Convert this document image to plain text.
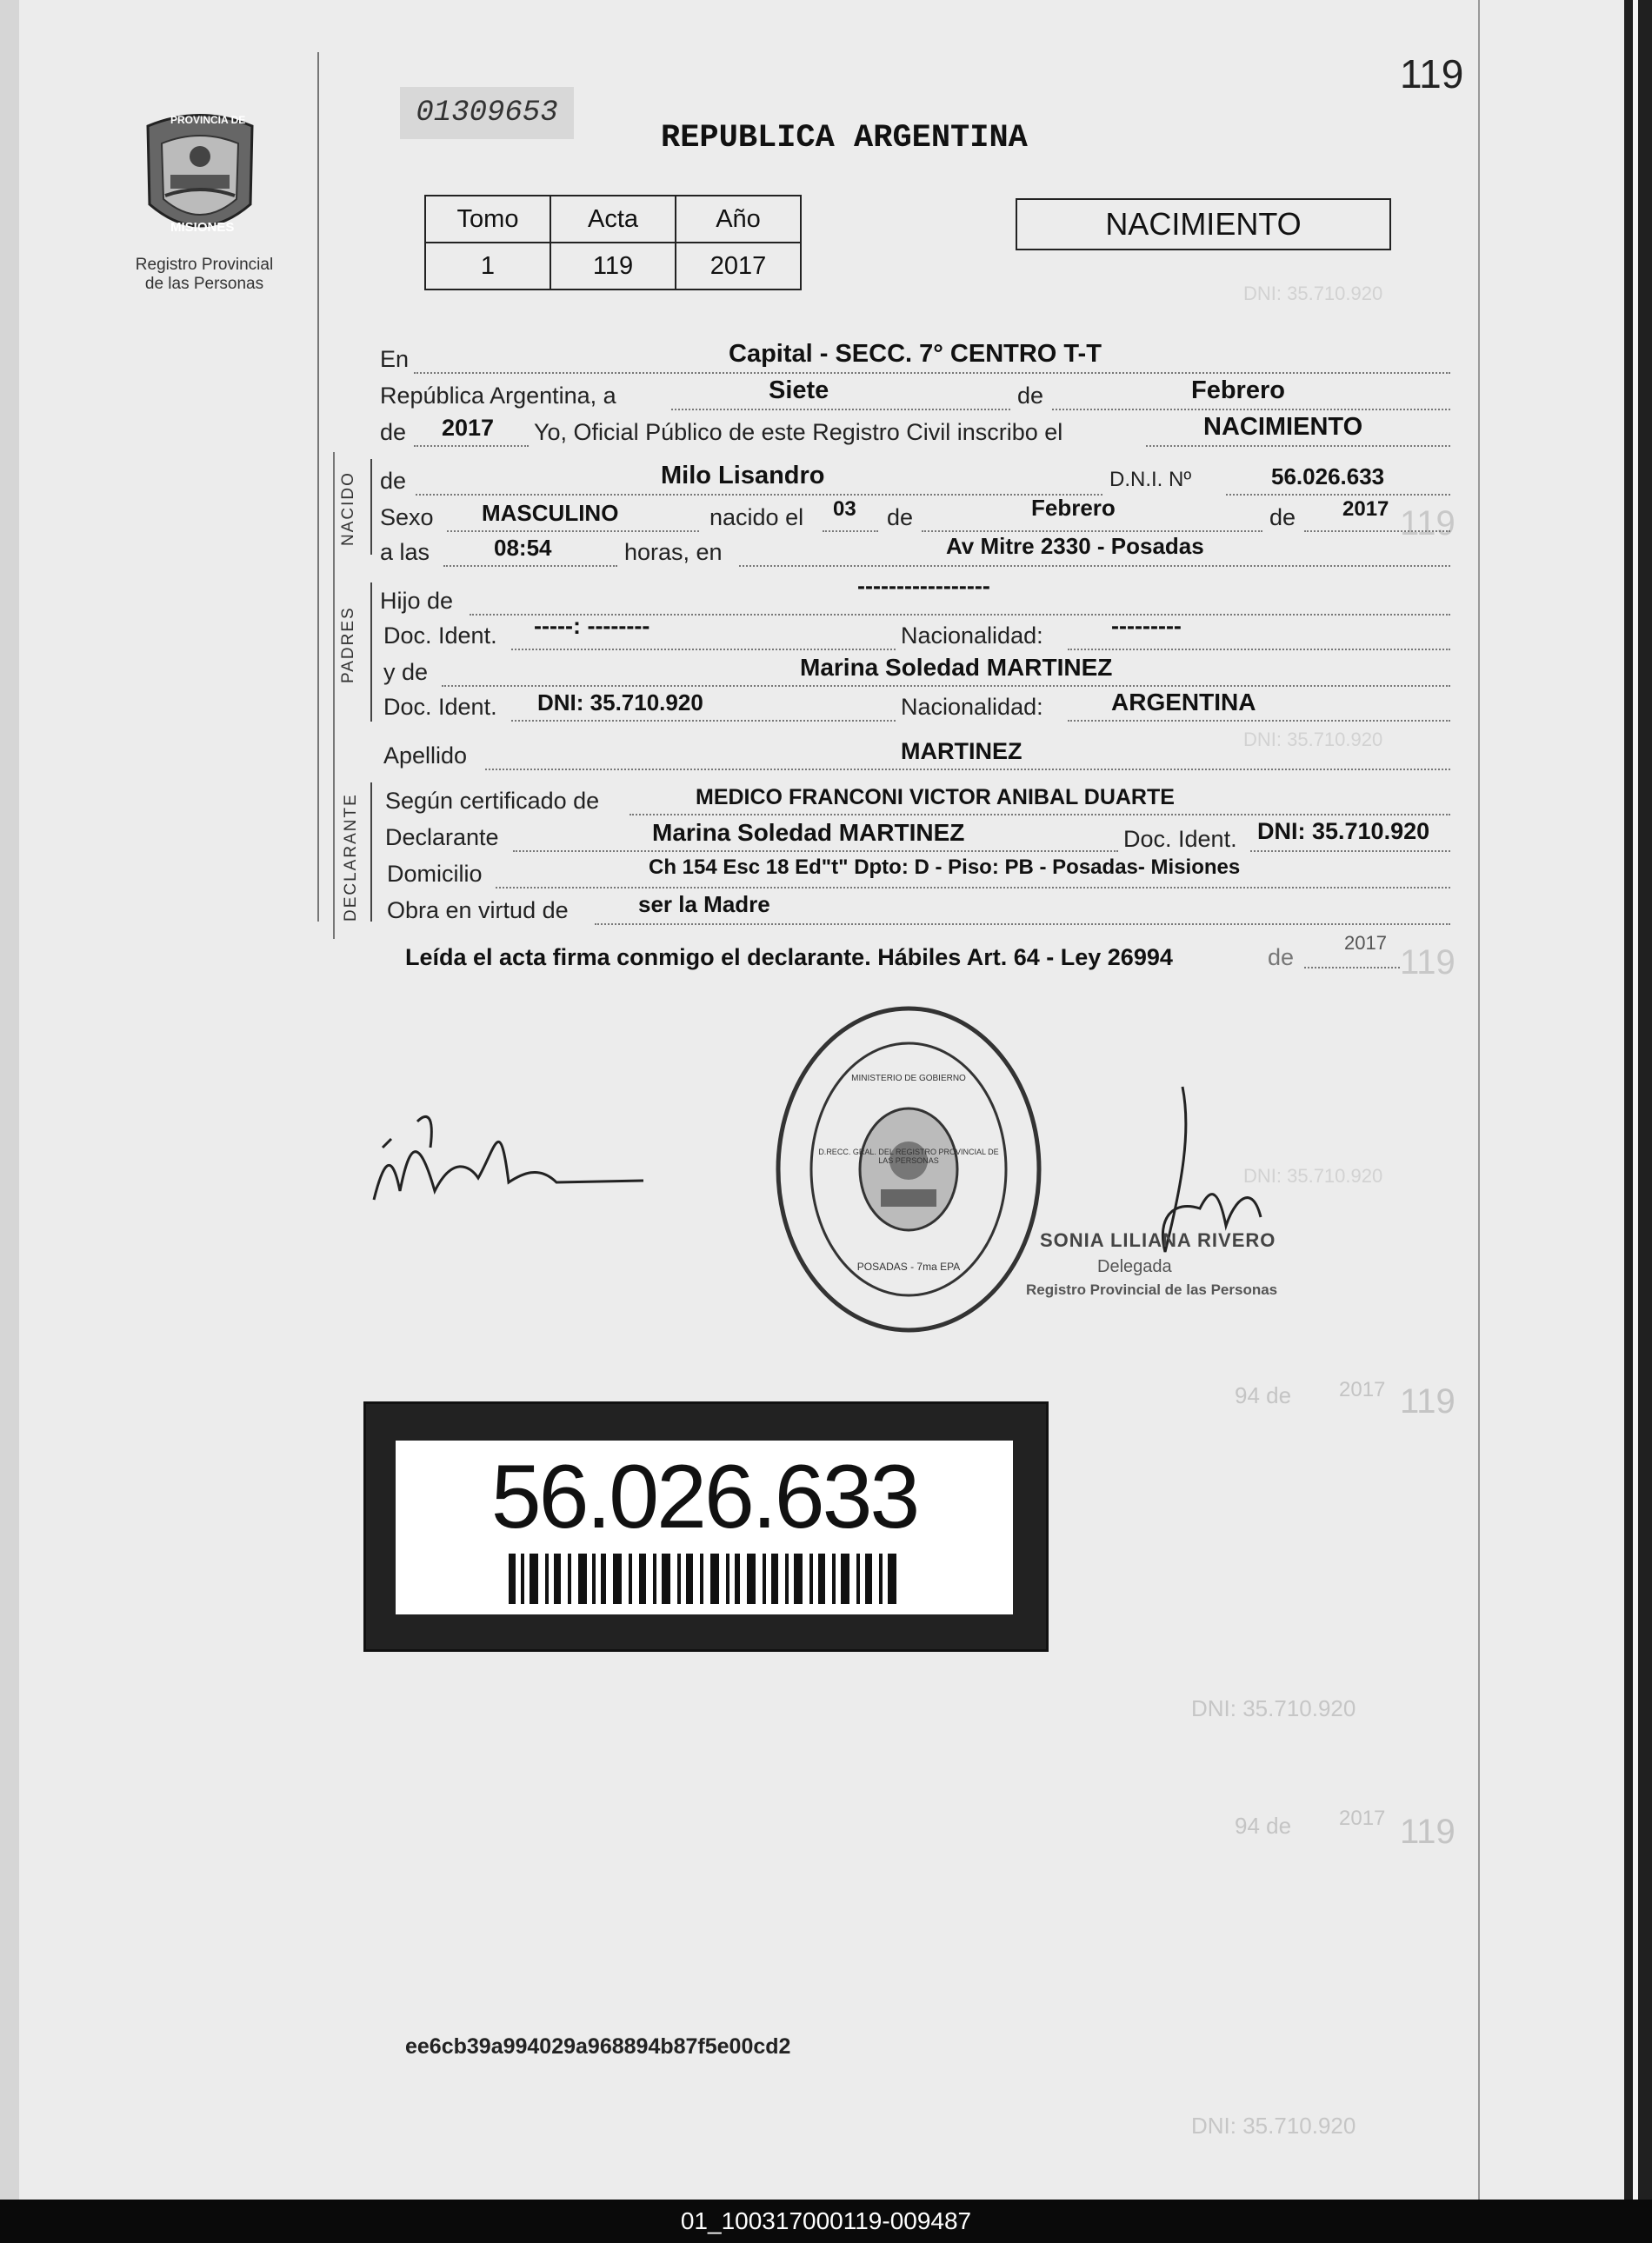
DNI: 35.710.920
DNI: 35.710.920
DNI: 35.710.920
DNI: 35.710.920
DNI: 35.710.920
94 de 2017 119
94 de 2017 119
119
119
119
PROVINCIA DE
MISIONES
Registro Provincial
de las Personas
01309653
REPUBLICA ARGENTINA
Tomo	Acta	Año
1	119	2017
NACIMIENTO
NACIDO
PADRES
DECLARANTE
En	Capital - SECC. 7° CENTRO T-T
República Argentina, a	Siete	de	Febrero
de 2017 Yo, Oficial Público de este Registro Civil inscribo el	NACIMIENTO
de	Milo Lisandro	D.N.I. Nº	56.026.633
Sexo MASCULINO	nacido el 03 de	Febrero	de 2017
a las	08:54	horas, en	Av Mitre 2330 - Posadas
Hijo de
-----------------
Doc. Ident. -----: --------	Nacionalidad:	---------
y de	Marina Soledad MARTINEZ
Doc. Ident. DNI: 35.710.920	Nacionalidad:	ARGENTINA
Apellido	MARTINEZ
Según certificado de	MEDICO FRANCONI VICTOR ANIBAL DUARTE
Declarante	Marina Soledad MARTINEZ	Doc. Ident. DNI: 35.710.920
Domicilio	Ch 154 Esc 18 Ed"t" Dpto: D - Piso: PB - Posadas- Misiones
Obra en virtud de	ser la Madre
Leída el acta firma conmigo el declarante. Hábiles Art. 64 - Ley 26994	de
2017
D.RECC. GRAL. DEL REGISTRO PROVINCIAL DE LAS PERSONAS
MINISTERIO DE GOBIERNO
POSADAS - 7ma EPA
SONIA LILIANA RIVERO
Delegada
Registro Provincial de las Personas
56.026.633
ee6cb39a994029a968894b87f5e00cd2
01_100317000119-009487
